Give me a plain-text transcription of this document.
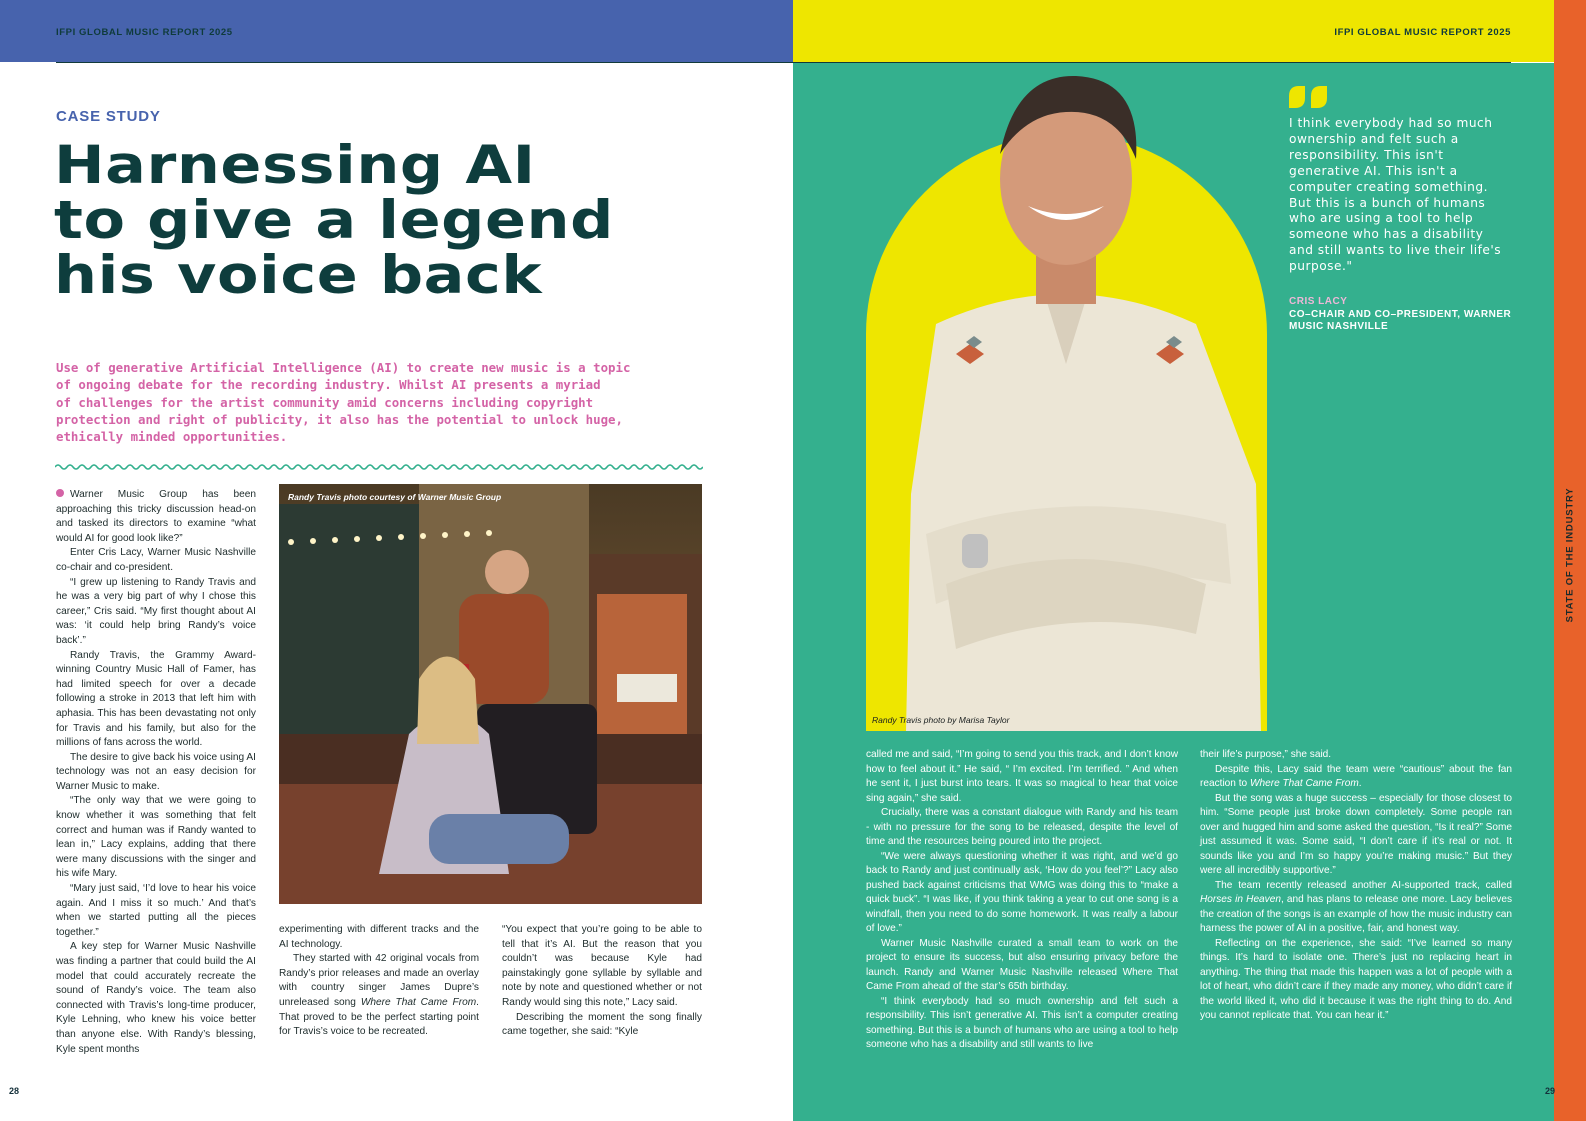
IFPI GLOBAL MUSIC REPORT 2025	IFPI GLOBAL MUSIC REPORT 2025
STATE OF THE INDUSTRY
28	29
CASE STUDY
Harnessing AI
to give a legend
his voice back
Use of generative Artificial Intelligence (AI) to create new music is a topic
of ongoing debate for the recording industry. Whilst AI presents a myriad
of challenges for the artist community amid concerns including copyright
protection and right of publicity, it also has the potential to unlock huge,
ethically minded opportunities.

Warner Music Group has been approaching this tricky discussion head-on and tasked its directors to examine “what would AI for good look like?”

Enter Cris Lacy, Warner Music Nashville co-chair and co-president.

“I grew up listening to Randy Travis and he was a very big part of why I chose this career,” Cris said. “My first thought about AI was: ‘it could help bring Randy’s voice back’.”

Randy Travis, the Grammy Award-winning Country Music Hall of Famer, has had limited speech for over a decade following a stroke in 2013 that left him with aphasia. This has been devastating not only for Travis and his family, but also for the millions of fans across the world.

The desire to give back his voice using AI technology was not an easy decision for Warner Music to make.

“The only way that we were going to know whether it was something that felt correct and human was if Randy wanted to lean in,” Lacy explains, adding that there were many discussions with the singer and his wife Mary.

“Mary just said, ‘I’d love to hear his voice again. And I miss it so much.’ And that’s when we started putting all the pieces together.”

A key step for Warner Music Nashville was finding a partner that could build the AI model that could accurately recreate the sound of Randy’s voice. The team also connected with Travis’s long-time producer, Kyle Lehning, who knew his voice better than anyone else. With Randy’s blessing, Kyle spent months

Randy Travis photo courtesy of Warner Music Group

experimenting with different tracks and the AI technology.

They started with 42 original vocals from Randy’s prior releases and made an overlay with country singer James Dupre’s unreleased song Where That Came From. That proved to be the perfect starting point for Travis’s voice to be recreated.

“You expect that you’re going to be able to tell that it’s AI. But the reason that you couldn’t was because Kyle had painstakingly gone syllable by syllable and note by note and questioned whether or not Randy would sing this note,” Lacy said.

Describing the moment the song finally came together, she said: “Kyle

Randy Travis photo by Marisa Taylor
I think everybody had so much ownership and felt such a responsibility. This isn't generative AI. This isn't a computer creating something. But this is a bunch of humans who are using a tool to help someone who has a disability and still wants to live their life's purpose."
CRIS LACY
CO–CHAIR AND CO–PRESIDENT, WARNER MUSIC NASHVILLE

called me and said, “I’m going to send you this track, and I don’t know how to feel about it.” He said, “ I’m excited. I’m terrified. ” And when he sent it, I just burst into tears. It was so magical to hear that voice sing again,” she said.

Crucially, there was a constant dialogue with Randy and his team - with no pressure for the song to be released, despite the level of time and the resources being poured into the project.

“We were always questioning whether it was right, and we’d go back to Randy and just continually ask, ‘How do you feel’?” Lacy also pushed back against criticisms that WMG was doing this to “make a quick buck”. “I was like, if you think taking a year to cut one song is a windfall, then you need to do some homework. It was really a labour of love.”

Warner Music Nashville curated a small team to work on the project to ensure its success, but also ensuring privacy before the launch. Randy and Warner Music Nashville released Where That Came From ahead of the star’s 65th birthday.

“I think everybody had so much ownership and felt such a responsibility. This isn’t generative AI. This isn’t a computer creating something. But this is a bunch of humans who are using a tool to help someone who has a disability and still wants to live

their life’s purpose,” she said.

Despite this, Lacy said the team were “cautious” about the fan reaction to Where That Came From.

But the song was a huge success – especially for those closest to him. “Some people just broke down completely. Some people ran over and hugged him and some asked the question, “Is it real?” Some just assumed it was. Some said, “I don’t care if it’s real or not. It sounds like you and I’m so happy you’re making music.” But they were all incredibly supportive.”

The team recently released another AI-supported track, called Horses in Heaven, and has plans to release one more. Lacy believes the creation of the songs is an example of how the music industry can harness the power of AI in a positive, fair, and honest way.

Reflecting on the experience, she said: “I’ve learned so many things. It’s hard to isolate one. There’s just no replacing heart in anything. The thing that made this happen was a lot of people with a lot of heart, who didn’t care if they made any money, who didn’t care if the world liked it, who did it because it was the right thing to do. And you cannot replicate that. You can hear it.”
